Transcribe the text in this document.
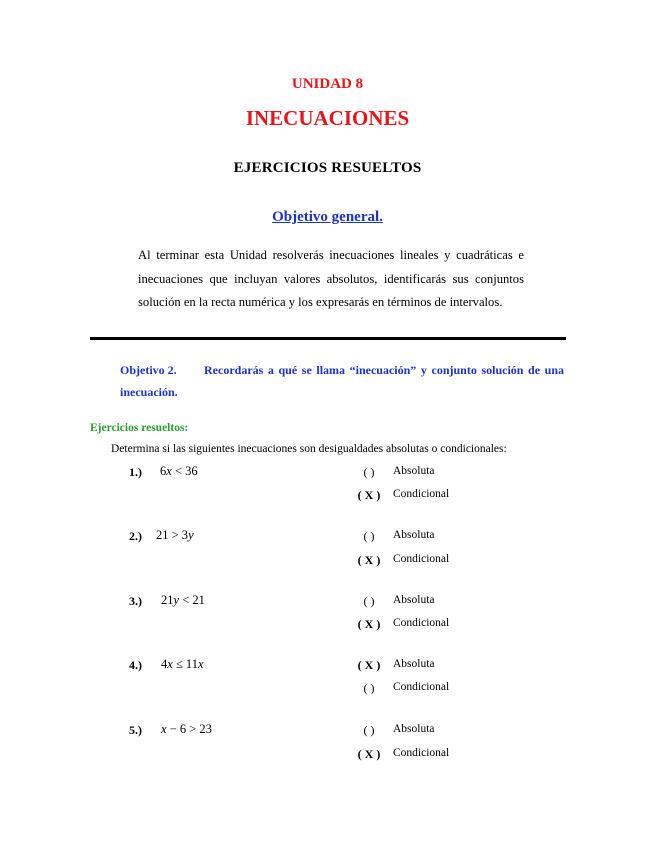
UNIDAD 8
INECUACIONES
EJERCICIOS RESUELTOS
Objetivo general.
Al terminar esta Unidad resolverás inecuaciones lineales y cuadráticas e inecuaciones que incluyan valores absolutos, identificarás sus conjuntos solución en la recta numérica y los expresarás en términos de intervalos.
Objetivo 2. Recordarás a qué se llama “inecuación” y conjunto solución de una inecuación.
Ejercicios resueltos:
Determina si las siguientes inecuaciones son desigualdades absolutas o condicionales:
1.) 6x < 36	( )	Absoluta
( X )	Condicional
2.) 21 > 3y	( )	Absoluta
( X )	Condicional
3.) 21y < 21	( )	Absoluta
( X )	Condicional
4.) 4x ≤ 11x	( X )	Absoluta
( )	Condicional
5.) x − 6 > 23	( )	Absoluta
( X )	Condicional
